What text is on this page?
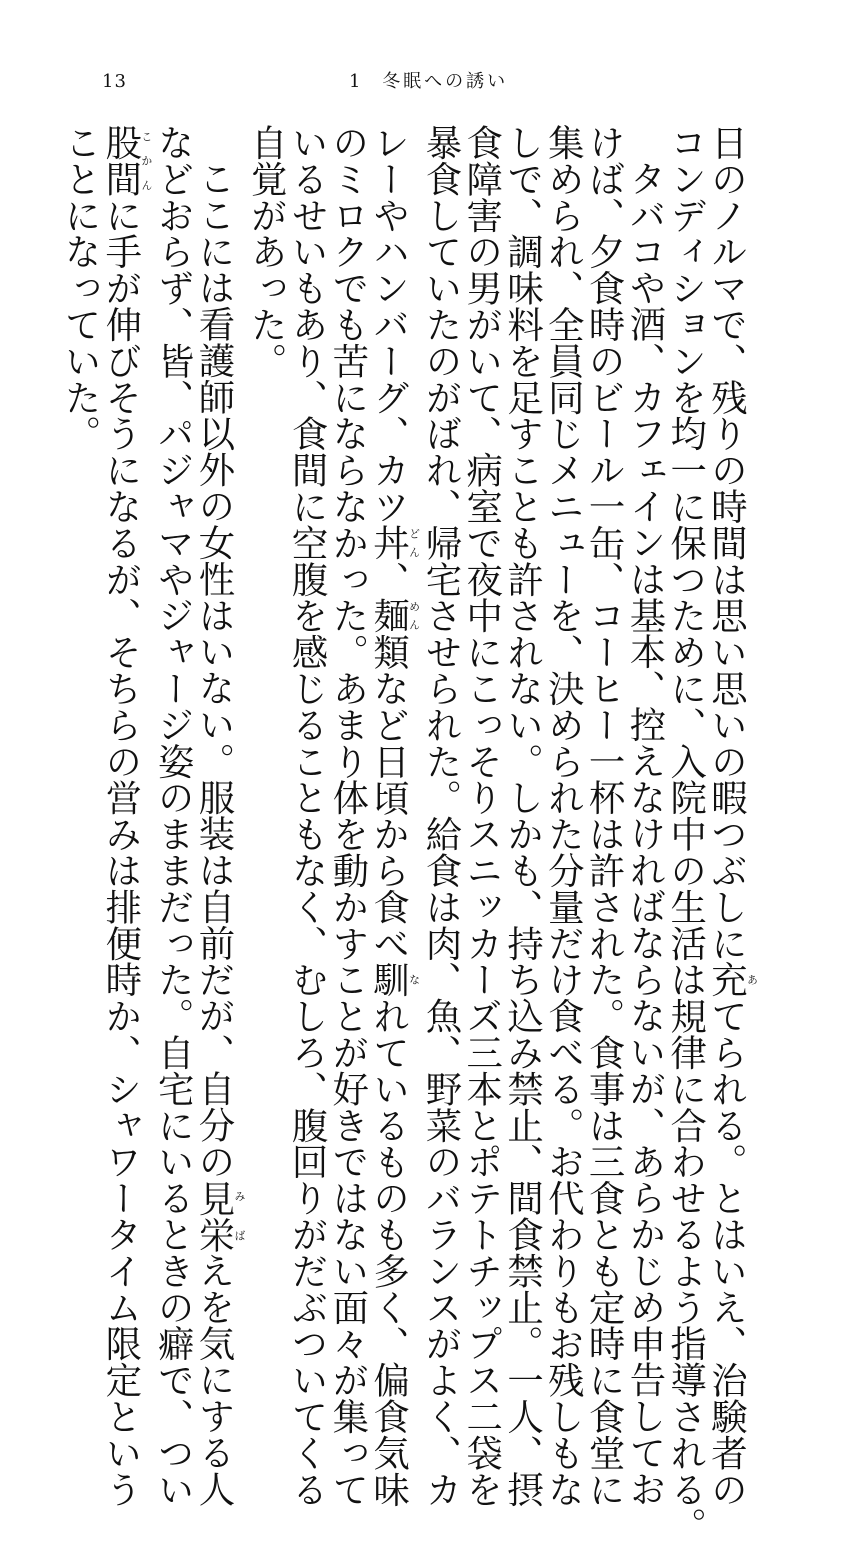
13	1 冬眠への誘い

日のノルマで、残りの時間は思い思いの暇つぶしに充あてられる。とはいえ、治験者の

コンディションを均一に保つために、入院中の生活は規律に合わせるよう指導される。

タバコや酒、カフェインは基本、控えなければならないが、あらかじめ申告してお

けば、夕食時のビール一缶、コーヒー一杯は許された。食事は三食とも定時に食堂に

集められ、全員同じメニューを、決められた分量だけ食べる。お代わりもお残しもな

しで、調味料を足すことも許されない。しかも、持ち込み禁止、間食禁止。一人、摂

食障害の男がいて、病室で夜中にこっそりスニッカーズ三本とポテトチップス二袋を

暴食していたのがばれ、帰宅させられた。給食は肉、魚、野菜のバランスがよく、カ

レーやハンバーグ、カツ丼どん、麺めん類など日頃から食べ馴なれているものも多く、偏食気味

のミロクでも苦にならなかった。あまり体を動かすことが好きではない面々が集って

いるせいもあり、食間に空腹を感じることもなく、むしろ、腹回りがだぶついてくる

自覚があった。

ここには看護師以外の女性はいない。服装は自前だが、自分の見栄みばえを気にする人

などおらず、皆、パジャマやジャージ姿のままだった。自宅にいるときの癖で、つい

股間こかんに手が伸びそうになるが、そちらの営みは排便時か、シャワータイム限定という

ことになっていた。
